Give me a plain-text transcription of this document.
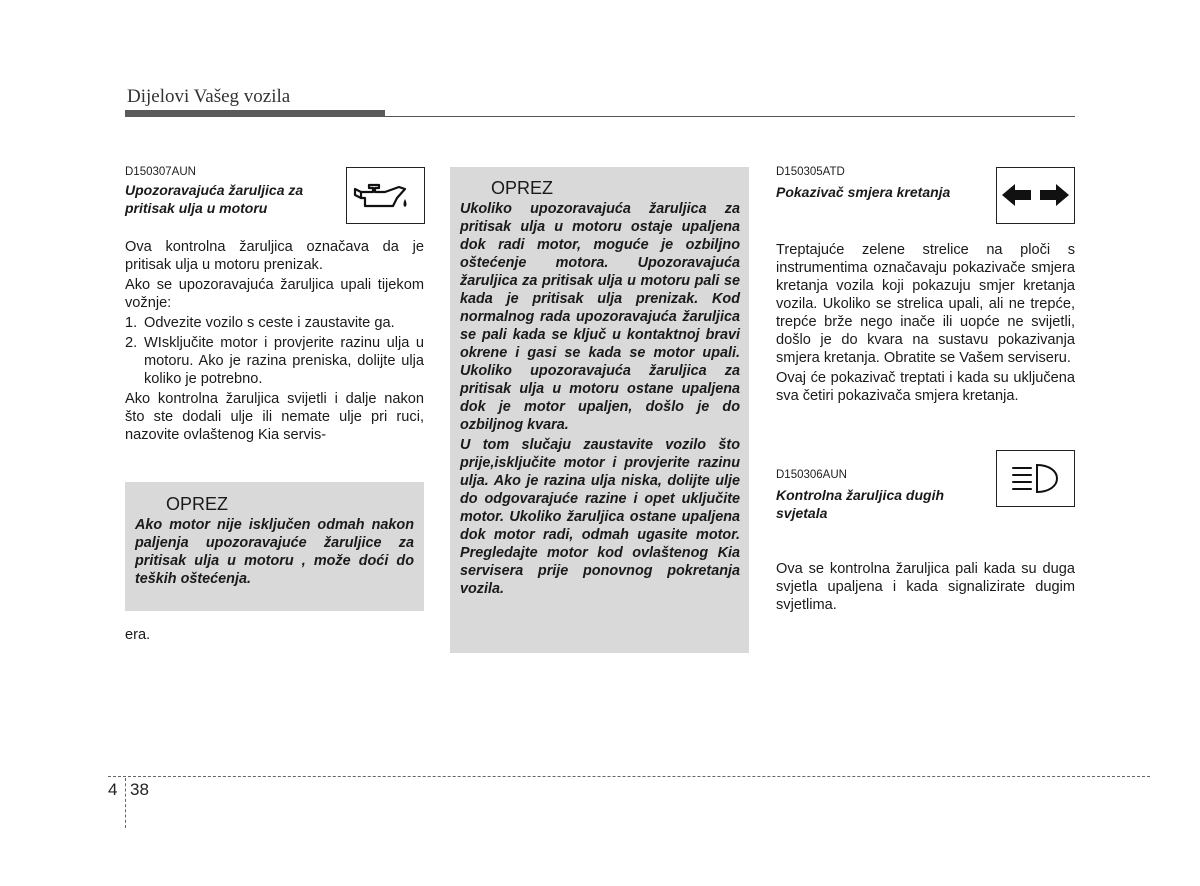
Dijelovi Vašeg vozila
D150307AUN
Upozoravajuća žaruljica za pritisak ulja u motoru

Ova kontrolna žaruljica označava da je pritisak ulja u motoru prenizak.

Ako se upozoravajuća žaruljica upali tijekom vožnje:

1. Odvezite vozilo s ceste i zaustavite ga.
2. WIsključite motor i provjerite razinu ulja u motoru. Ako je razina preniska, dolijte ulja koliko je potrebno.

Ako kontrolna žaruljica svijetli i dalje nakon što ste dodali ulje ili nemate ulje pri ruci, nazovite ovlaštenog Kia servis-

OPREZ

Ako motor nije isključen odmah nakon paljenja upozoravajuće žaruljice za pritisak ulja u motoru , može doći do teških oštećenja.

era.
OPREZ

Ukoliko upozoravajuća žaruljica za pritisak ulja u motoru ostaje upaljena dok radi motor, moguće je ozbiljno oštećenje motora. Upozoravajuća žaruljica za pritisak ulja u motoru pali se kada je pritisak ulja prenizak. Kod normalnog rada upozoravajuća žaruljica se pali kada se ključ u kontaktnoj bravi okrene i gasi se kada se motor upali. Ukoliko upozoravajuća žaruljica za pritisak ulja u motoru ostane upaljena dok je motor upaljen, došlo je do ozbiljnog kvara.

U tom slučaju zaustavite vozilo što prije,isključite motor i provjerite razinu ulja. Ako je razina ulja niska, dolijte ulje do odgovarajuće razine i opet uključite motor. Ukoliko žaruljica ostane upaljena dok motor radi, odmah ugasite motor. Pregledajte motor kod ovlaštenog Kia servisera prije ponovnog pokretanja vozila.

D150305ATD
Pokazivač smjera kretanja

Treptajuće zelene strelice na ploči s instrumentima označavaju pokazivače smjera kretanja vozila koji pokazuju smjer kretanja vozila. Ukoliko se strelica upali, ali ne trepće, trepće brže nego inače ili uopće ne svijetli, došlo je do kvara na sustavu pokazivanja smjera kretanja. Obratite se Vašem serviseru.

Ovaj će pokazivač treptati i kada su uključena sva četiri pokazivača smjera kretanja.

D150306AUN
Kontrolna žaruljica dugih svjetala

Ova se kontrolna žaruljica pali kada su duga svjetla upaljena i kada signalizirate dugim svjetlima.

4 38
